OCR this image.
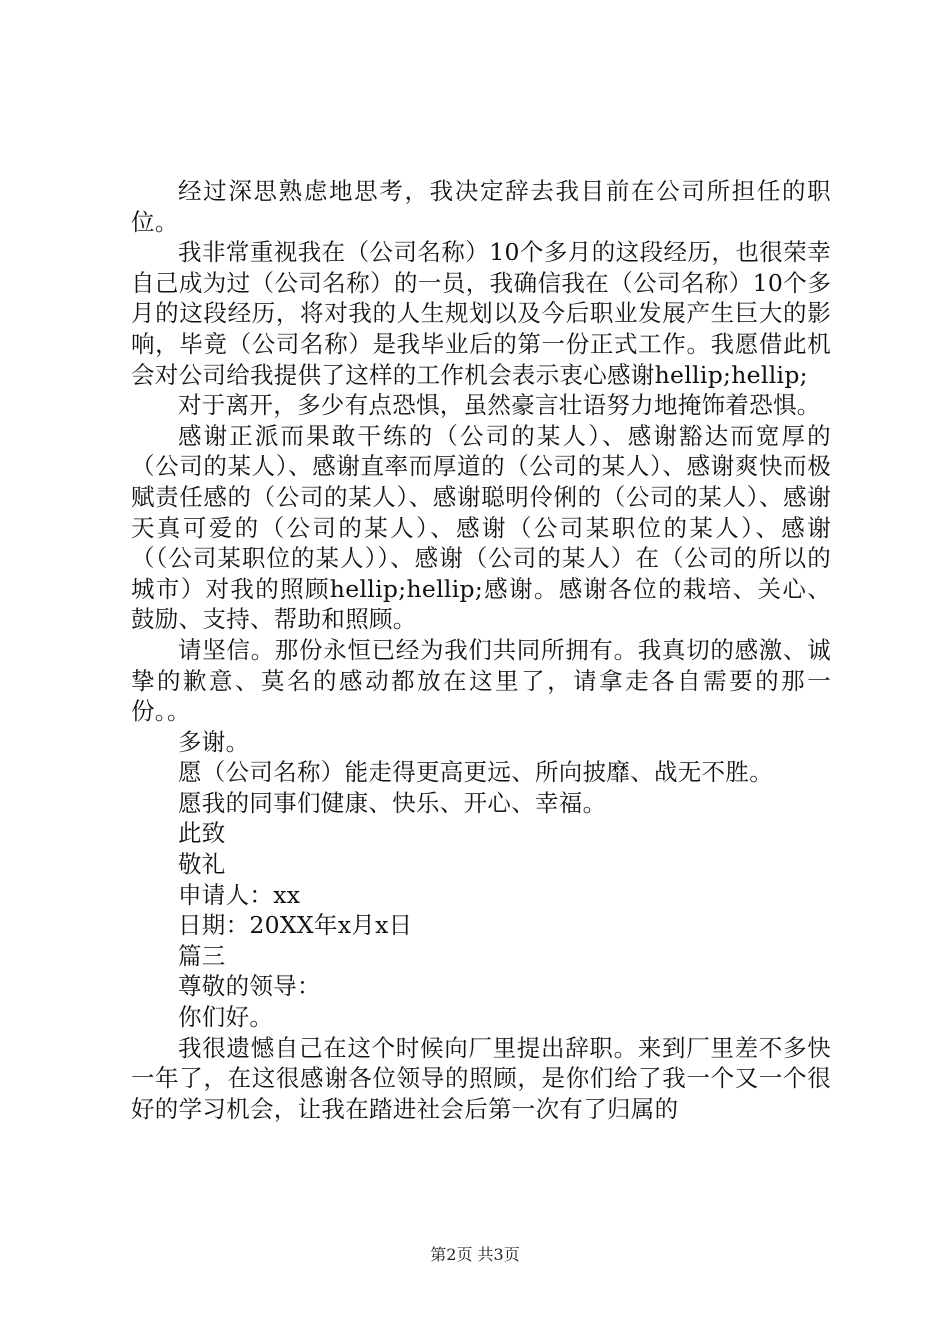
经过深思熟虑地思考，我决定辞去我目前在公司所担任的职位。

我非常重视我在（公司名称）10个多月的这段经历，也很荣幸自己成为过（公司名称）的一员，我确信我在（公司名称）10个多月的这段经历，将对我的人生规划以及今后职业发展产生巨大的影响，毕竟（公司名称）是我毕业后的第一份正式工作。我愿借此机会对公司给我提供了这样的工作机会表示衷心感谢hellip;hellip;

对于离开，多少有点恐惧，虽然豪言壮语努力地掩饰着恐惧。

感谢正派而果敢干练的（公司的某人）、感谢豁达而宽厚的（公司的某人）、感谢直率而厚道的（公司的某人）、感谢爽快而极赋责任感的（公司的某人）、感谢聪明伶俐的（公司的某人）、感谢天真可爱的（公司的某人）、感谢（公司某职位的某人）、感谢（（公司某职位的某人））、感谢（公司的某人）在（公司的所以的城市）对我的照顾hellip;hellip;感谢。感谢各位的栽培、关心、鼓励、支持、帮助和照顾。

请坚信。那份永恒已经为我们共同所拥有。我真切的感激、诚挚的歉意、莫名的感动都放在这里了，请拿走各自需要的那一份。。

多谢。

愿（公司名称）能走得更高更远、所向披靡、战无不胜。

愿我的同事们健康、快乐、开心、幸福。

此致

敬礼

申请人：xx

日期：20XX年x月x日

篇三

尊敬的领导：

你们好。

我很遗憾自己在这个时候向厂里提出辞职。来到厂里差不多快一年了，在这很感谢各位领导的照顾，是你们给了我一个又一个很好的学习机会，让我在踏进社会后第一次有了归属的

第2页 共3页
